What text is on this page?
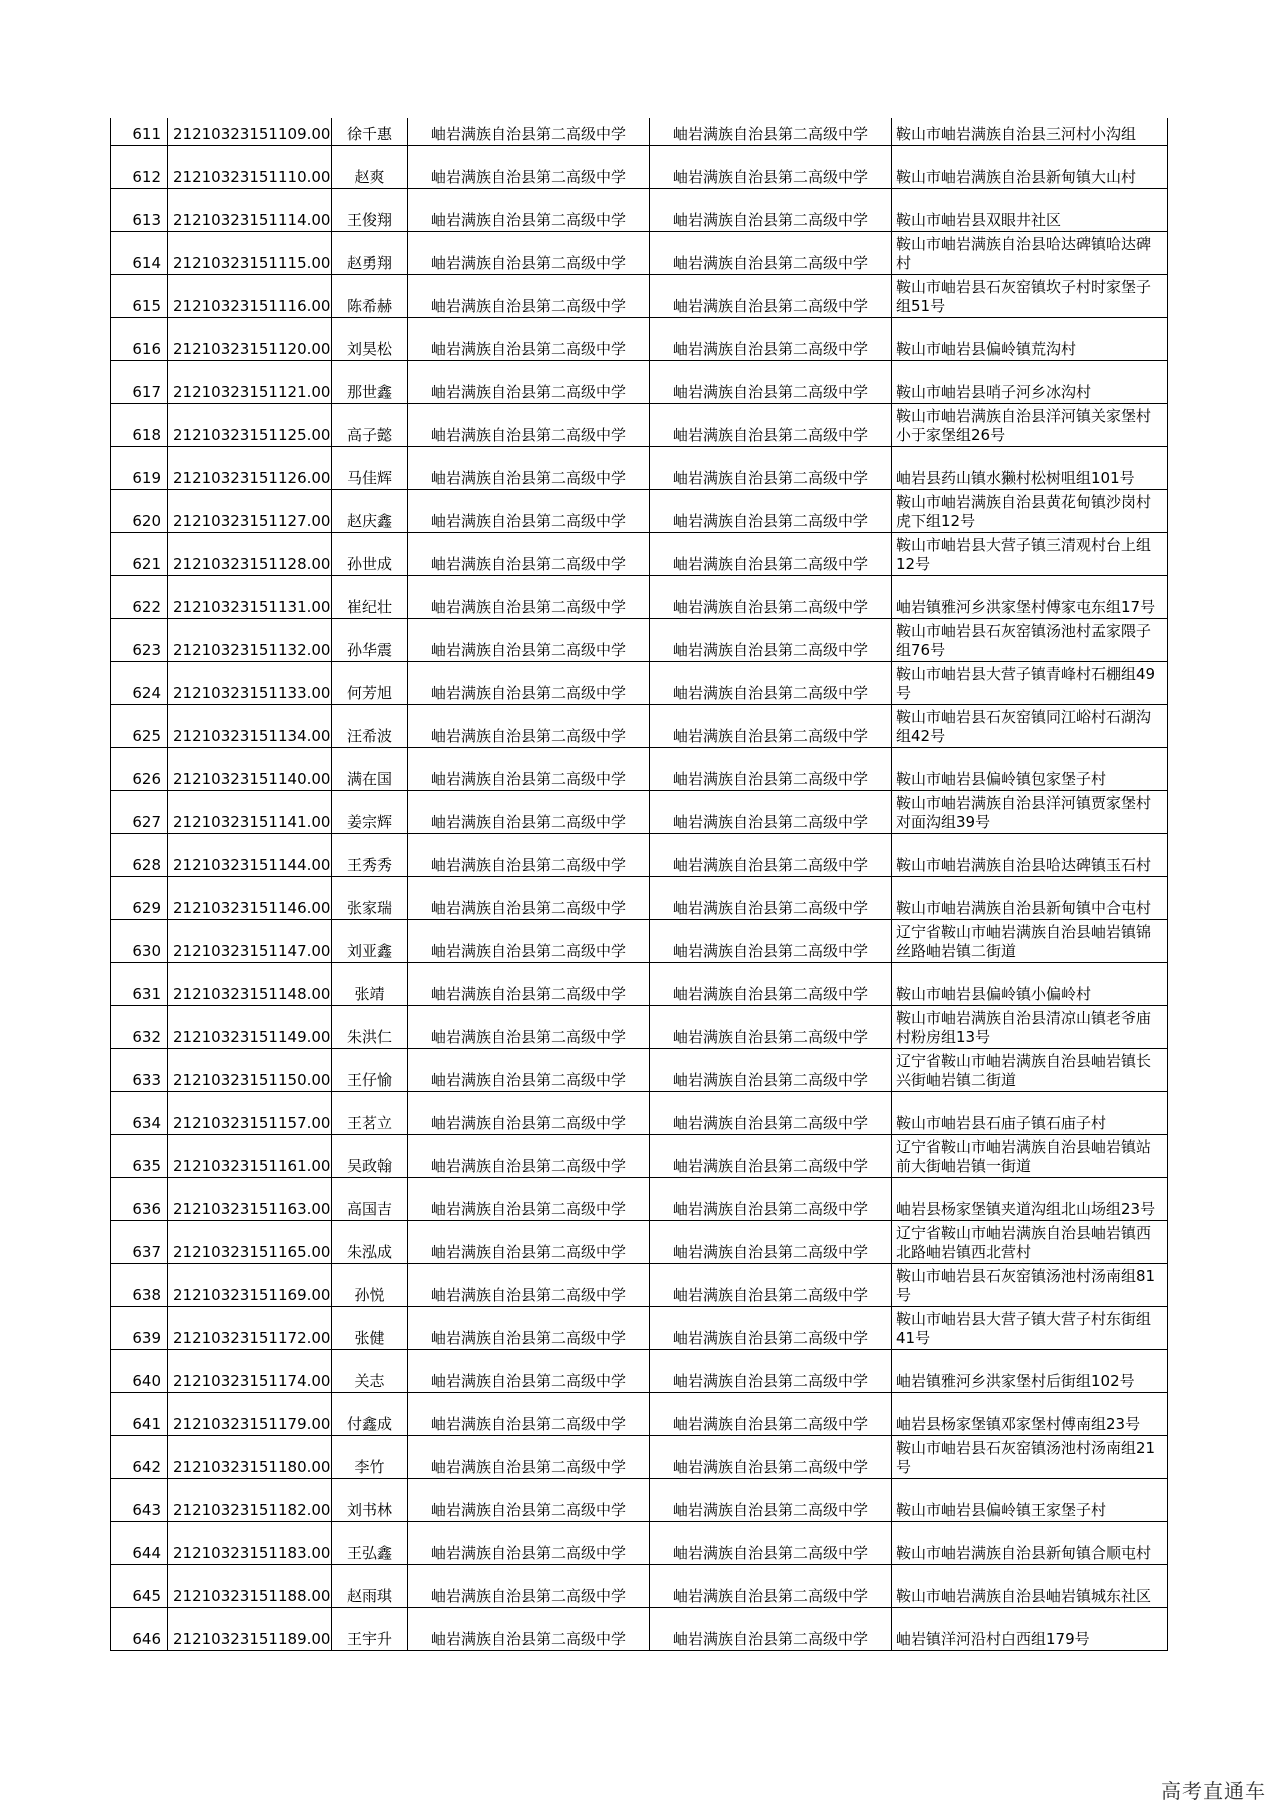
611	21210323151109.00	徐千惠	岫岩满族自治县第二高级中学	岫岩满族自治县第二高级中学	鞍山市岫岩满族自治县三河村小沟组
612	21210323151110.00	赵爽	岫岩满族自治县第二高级中学	岫岩满族自治县第二高级中学	鞍山市岫岩满族自治县新甸镇大山村
613	21210323151114.00	王俊翔	岫岩满族自治县第二高级中学	岫岩满族自治县第二高级中学	鞍山市岫岩县双眼井社区
614	21210323151115.00	赵勇翔	岫岩满族自治县第二高级中学	岫岩满族自治县第二高级中学	鞍山市岫岩满族自治县哈达碑镇哈达碑村
615	21210323151116.00	陈希赫	岫岩满族自治县第二高级中学	岫岩满族自治县第二高级中学	鞍山市岫岩县石灰窑镇坎子村时家堡子组51号
616	21210323151120.00	刘昊松	岫岩满族自治县第二高级中学	岫岩满族自治县第二高级中学	鞍山市岫岩县偏岭镇荒沟村
617	21210323151121.00	那世鑫	岫岩满族自治县第二高级中学	岫岩满族自治县第二高级中学	鞍山市岫岩县哨子河乡冰沟村
618	21210323151125.00	高子懿	岫岩满族自治县第二高级中学	岫岩满族自治县第二高级中学	鞍山市岫岩满族自治县洋河镇关家堡村小于家堡组26号
619	21210323151126.00	马佳辉	岫岩满族自治县第二高级中学	岫岩满族自治县第二高级中学	岫岩县药山镇水獭村松树咀组101号
620	21210323151127.00	赵庆鑫	岫岩满族自治县第二高级中学	岫岩满族自治县第二高级中学	鞍山市岫岩满族自治县黄花甸镇沙岗村虎下组12号
621	21210323151128.00	孙世成	岫岩满族自治县第二高级中学	岫岩满族自治县第二高级中学	鞍山市岫岩县大营子镇三清观村台上组12号
622	21210323151131.00	崔纪壮	岫岩满族自治县第二高级中学	岫岩满族自治县第二高级中学	岫岩镇雅河乡洪家堡村傅家屯东组17号
623	21210323151132.00	孙华震	岫岩满族自治县第二高级中学	岫岩满族自治县第二高级中学	鞍山市岫岩县石灰窑镇汤池村孟家隈子组76号
624	21210323151133.00	何芳旭	岫岩满族自治县第二高级中学	岫岩满族自治县第二高级中学	鞍山市岫岩县大营子镇青峰村石棚组49号
625	21210323151134.00	汪希波	岫岩满族自治县第二高级中学	岫岩满族自治县第二高级中学	鞍山市岫岩县石灰窑镇同江峪村石湖沟组42号
626	21210323151140.00	满在国	岫岩满族自治县第二高级中学	岫岩满族自治县第二高级中学	鞍山市岫岩县偏岭镇包家堡子村
627	21210323151141.00	姜宗辉	岫岩满族自治县第二高级中学	岫岩满族自治县第二高级中学	鞍山市岫岩满族自治县洋河镇贾家堡村对面沟组39号
628	21210323151144.00	王秀秀	岫岩满族自治县第二高级中学	岫岩满族自治县第二高级中学	鞍山市岫岩满族自治县哈达碑镇玉石村
629	21210323151146.00	张家瑞	岫岩满族自治县第二高级中学	岫岩满族自治县第二高级中学	鞍山市岫岩满族自治县新甸镇中合屯村
630	21210323151147.00	刘亚鑫	岫岩满族自治县第二高级中学	岫岩满族自治县第二高级中学	辽宁省鞍山市岫岩满族自治县岫岩镇锦丝路岫岩镇二街道
631	21210323151148.00	张靖	岫岩满族自治县第二高级中学	岫岩满族自治县第二高级中学	鞍山市岫岩县偏岭镇小偏岭村
632	21210323151149.00	朱洪仁	岫岩满族自治县第二高级中学	岫岩满族自治县第二高级中学	鞍山市岫岩满族自治县清凉山镇老爷庙村粉房组13号
633	21210323151150.00	王仔愉	岫岩满族自治县第二高级中学	岫岩满族自治县第二高级中学	辽宁省鞍山市岫岩满族自治县岫岩镇长兴街岫岩镇二街道
634	21210323151157.00	王茗立	岫岩满族自治县第二高级中学	岫岩满族自治县第二高级中学	鞍山市岫岩县石庙子镇石庙子村
635	21210323151161.00	吴政翰	岫岩满族自治县第二高级中学	岫岩满族自治县第二高级中学	辽宁省鞍山市岫岩满族自治县岫岩镇站前大街岫岩镇一街道
636	21210323151163.00	高国吉	岫岩满族自治县第二高级中学	岫岩满族自治县第二高级中学	岫岩县杨家堡镇夹道沟组北山场组23号
637	21210323151165.00	朱泓成	岫岩满族自治县第二高级中学	岫岩满族自治县第二高级中学	辽宁省鞍山市岫岩满族自治县岫岩镇西北路岫岩镇西北营村
638	21210323151169.00	孙悦	岫岩满族自治县第二高级中学	岫岩满族自治县第二高级中学	鞍山市岫岩县石灰窑镇汤池村汤南组81号
639	21210323151172.00	张健	岫岩满族自治县第二高级中学	岫岩满族自治县第二高级中学	鞍山市岫岩县大营子镇大营子村东街组41号
640	21210323151174.00	关志	岫岩满族自治县第二高级中学	岫岩满族自治县第二高级中学	岫岩镇雅河乡洪家堡村后街组102号
641	21210323151179.00	付鑫成	岫岩满族自治县第二高级中学	岫岩满族自治县第二高级中学	岫岩县杨家堡镇邓家堡村傅南组23号
642	21210323151180.00	李竹	岫岩满族自治县第二高级中学	岫岩满族自治县第二高级中学	鞍山市岫岩县石灰窑镇汤池村汤南组21号
643	21210323151182.00	刘书林	岫岩满族自治县第二高级中学	岫岩满族自治县第二高级中学	鞍山市岫岩县偏岭镇王家堡子村
644	21210323151183.00	王弘鑫	岫岩满族自治县第二高级中学	岫岩满族自治县第二高级中学	鞍山市岫岩满族自治县新甸镇合顺屯村
645	21210323151188.00	赵雨琪	岫岩满族自治县第二高级中学	岫岩满族自治县第二高级中学	鞍山市岫岩满族自治县岫岩镇城东社区
646	21210323151189.00	王宇升	岫岩满族自治县第二高级中学	岫岩满族自治县第二高级中学	岫岩镇洋河沿村白西组179号
高考直通车
